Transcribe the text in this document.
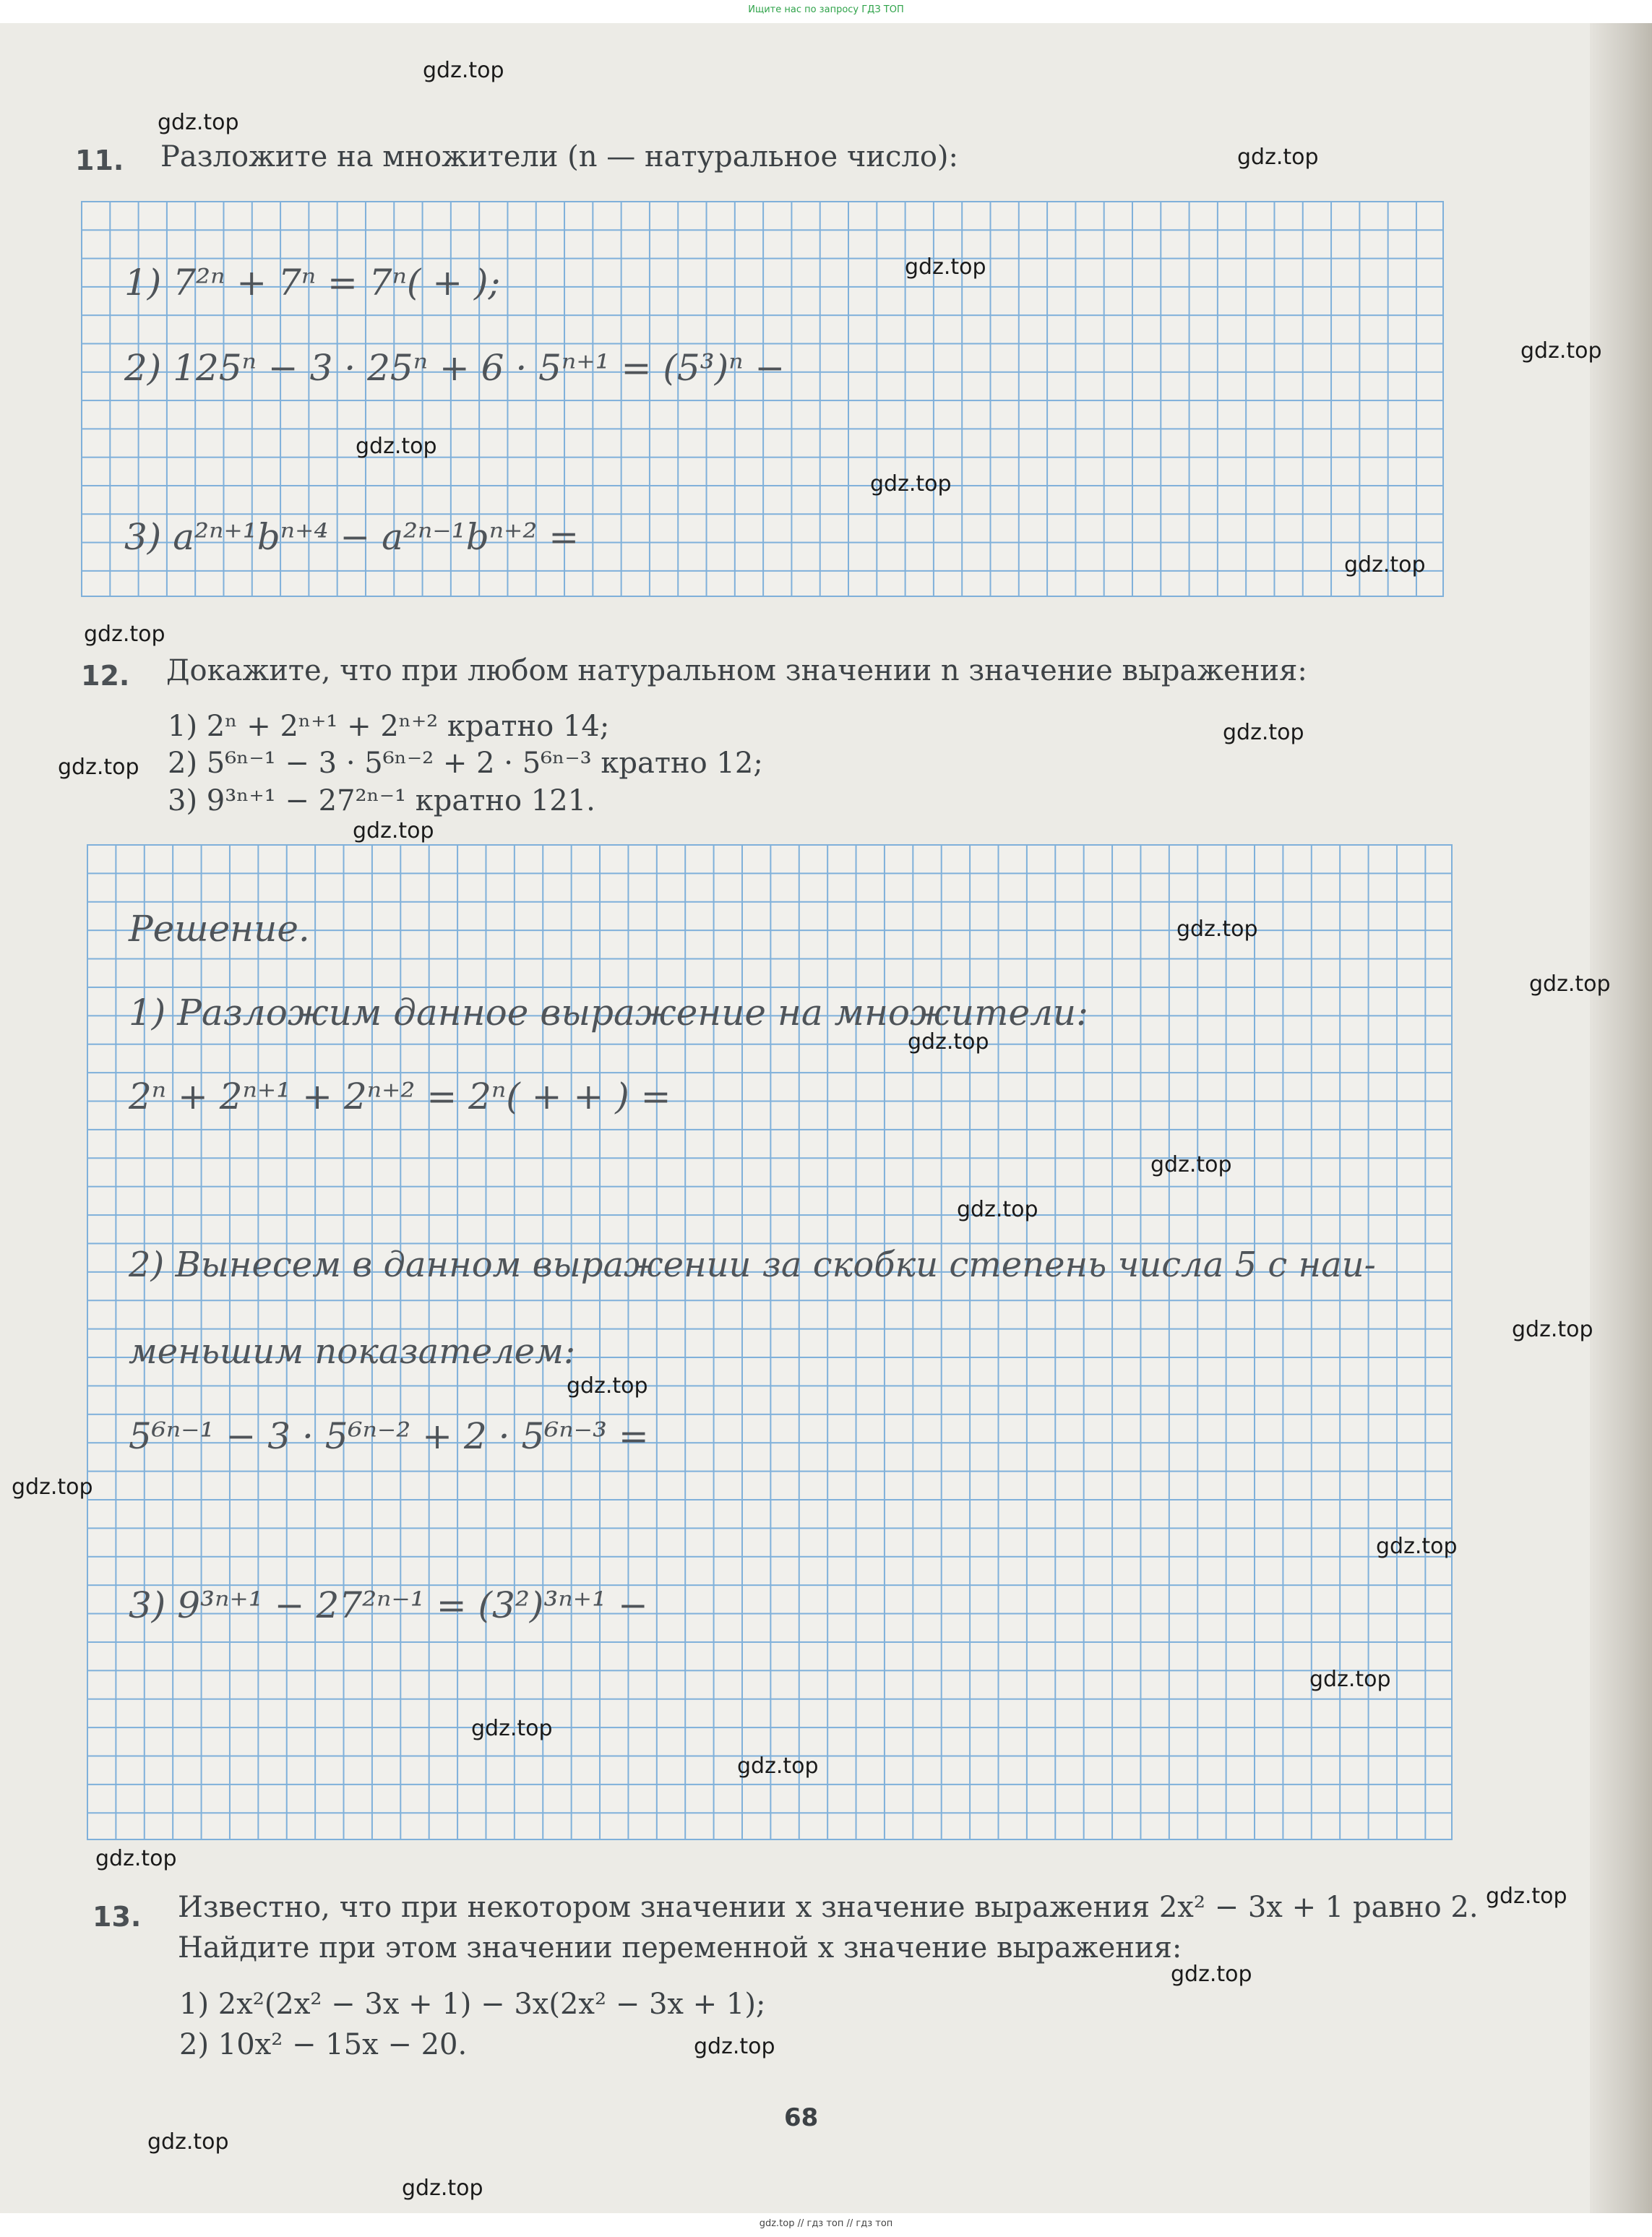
Ищите нас по запросу ГДЗ ТОП
11. Разложите на множители (n — натуральное число):
1) 7²ⁿ + 7ⁿ = 7ⁿ( + );
2) 125ⁿ − 3 · 25ⁿ + 6 · 5ⁿ⁺¹ = (5³)ⁿ −
3) a²ⁿ⁺¹bⁿ⁺⁴ − a²ⁿ⁻¹bⁿ⁺² =
12. Докажите, что при любом натуральном значении n значение выражения:
1) 2ⁿ + 2ⁿ⁺¹ + 2ⁿ⁺² кратно 14;
2) 5⁶ⁿ⁻¹ − 3 · 5⁶ⁿ⁻² + 2 · 5⁶ⁿ⁻³ кратно 12;
3) 9³ⁿ⁺¹ − 27²ⁿ⁻¹ кратно 121.
Решение.
1) Разложим данное выражение на множители:
2ⁿ + 2ⁿ⁺¹ + 2ⁿ⁺² = 2ⁿ( + + ) =
2) Вынесем в данном выражении за скобки степень числа 5 с наи-
меньшим показателем:
5⁶ⁿ⁻¹ − 3 · 5⁶ⁿ⁻² + 2 · 5⁶ⁿ⁻³ =
3) 9³ⁿ⁺¹ − 27²ⁿ⁻¹ = (3²)³ⁿ⁺¹ −
13. Известно, что при некотором значении x значение выражения 2x² − 3x + 1 равно 2.
Найдите при этом значении переменной x значение выражения:
1) 2x²(2x² − 3x + 1) − 3x(2x² − 3x + 1);
2) 10x² − 15x − 20.
68
gdz.top
gdz.top
gdz.top
gdz.top
gdz.top
gdz.top
gdz.top
gdz.top
gdz.top
gdz.top
gdz.top
gdz.top
gdz.top
gdz.top
gdz.top
gdz.top
gdz.top
gdz.top
gdz.top
gdz.top
gdz.top
gdz.top
gdz.top
gdz.top
gdz.top
gdz.top
gdz.top
gdz.top
gdz.top
gdz.top
gdz.top // гдз топ // гдз топ
